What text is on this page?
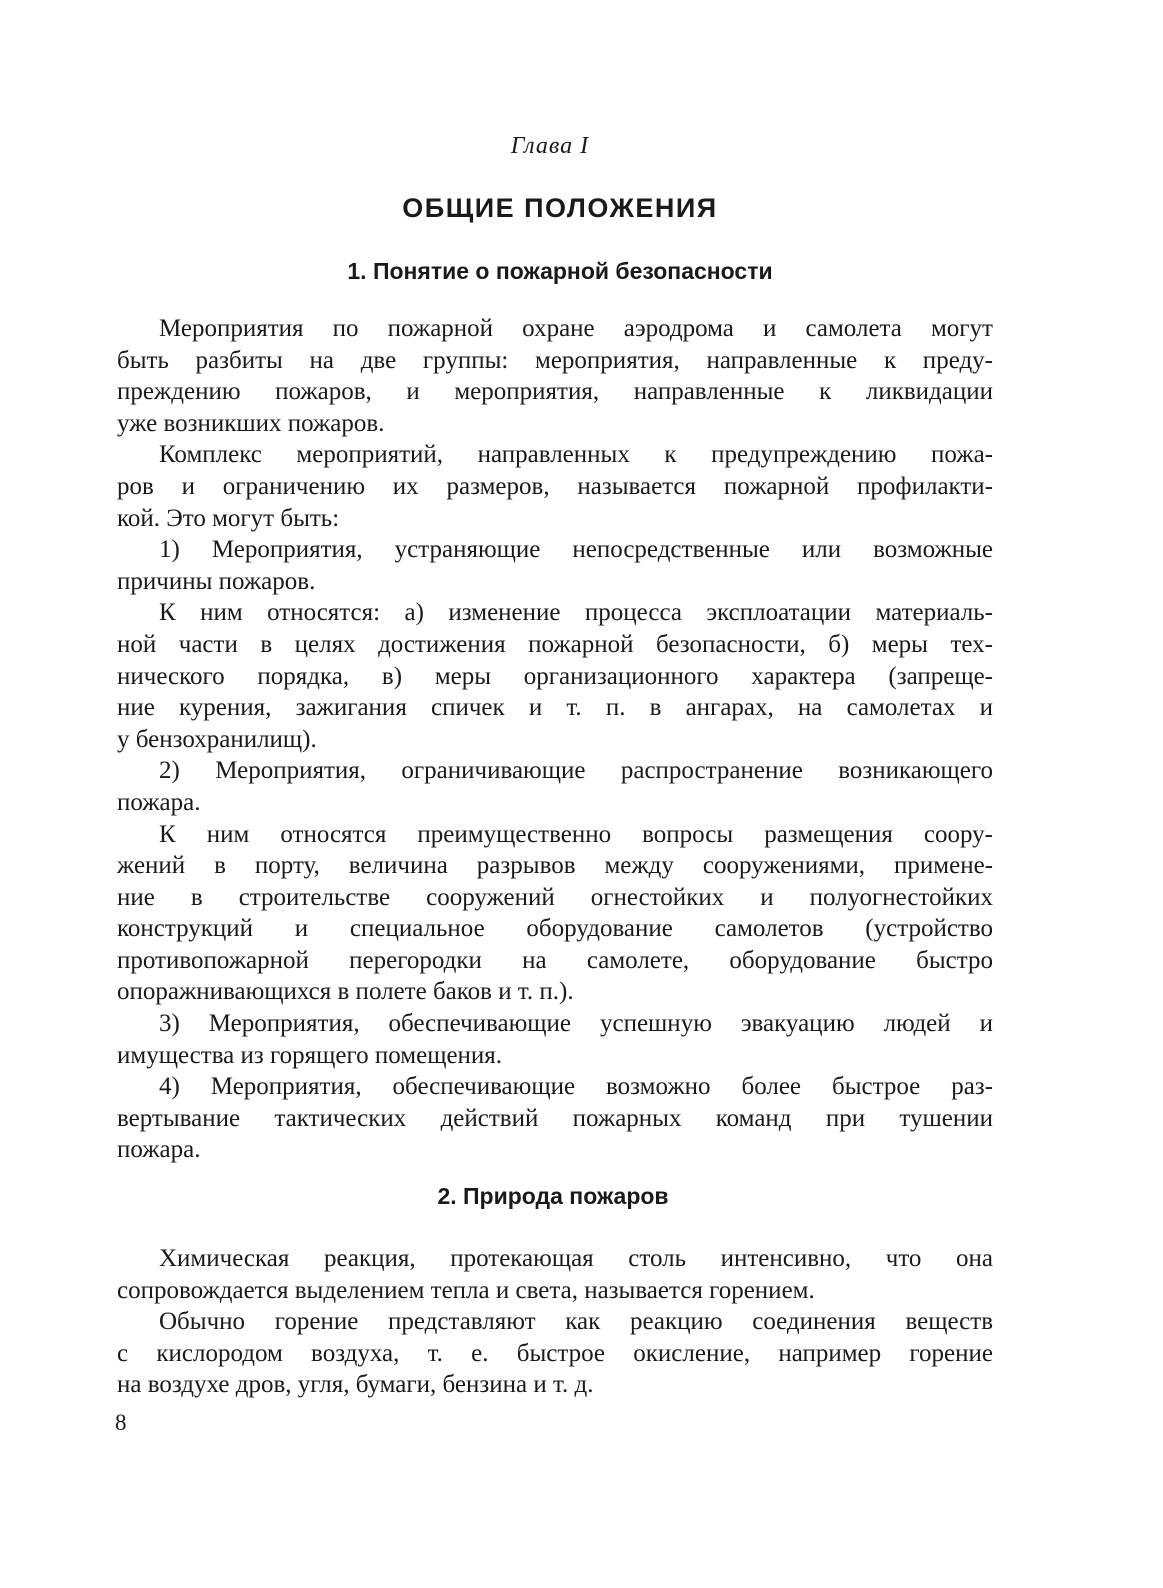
Глава I
ОБЩИЕ ПОЛОЖЕНИЯ
1. Понятие о пожарной безопасности
Мероприятия по пожарной охране аэродрома и самолета могут
быть разбиты на две группы: мероприятия, направленные к преду-
преждению пожаров, и мероприятия, направленные к ликвидации
уже возникших пожаров.
Комплекс мероприятий, направленных к предупреждению пожа-
ров и ограничению их размеров, называется пожарной профилакти-
кой. Это могут быть:
1) Мероприятия, устраняющие непосредственные или возможные
причины пожаров.
К ним относятся: а) изменение процесса эксплоатации материаль-
ной части в целях достижения пожарной безопасности, б) меры тех-
нического порядка, в) меры организационного характера (запреще-
ние курения, зажигания спичек и т. п. в ангарах, на самолетах и
у бензохранилищ).
2) Мероприятия, ограничивающие распространение возникающего
пожара.
К ним относятся преимущественно вопросы размещения соору-
жений в порту, величина разрывов между сооружениями, примене-
ние в строительстве сооружений огнестойких и полуогнестойких
конструкций и специальное оборудование самолетов (устройство
противопожарной перегородки на самолете, оборудование быстро
опоражнивающихся в полете баков и т. п.).
3) Мероприятия, обеспечивающие успешную эвакуацию людей и
имущества из горящего помещения.
4) Мероприятия, обеспечивающие возможно более быстрое раз-
вертывание тактических действий пожарных команд при тушении
пожара.
2. Природа пожаров
Химическая реакция, протекающая столь интенсивно, что она
сопровождается выделением тепла и света, называется горением.
Обычно горение представляют как реакцию соединения веществ
с кислородом воздуха, т. е. быстрое окисление, например горение
на воздухе дров, угля, бумаги, бензина и т. д.
8
